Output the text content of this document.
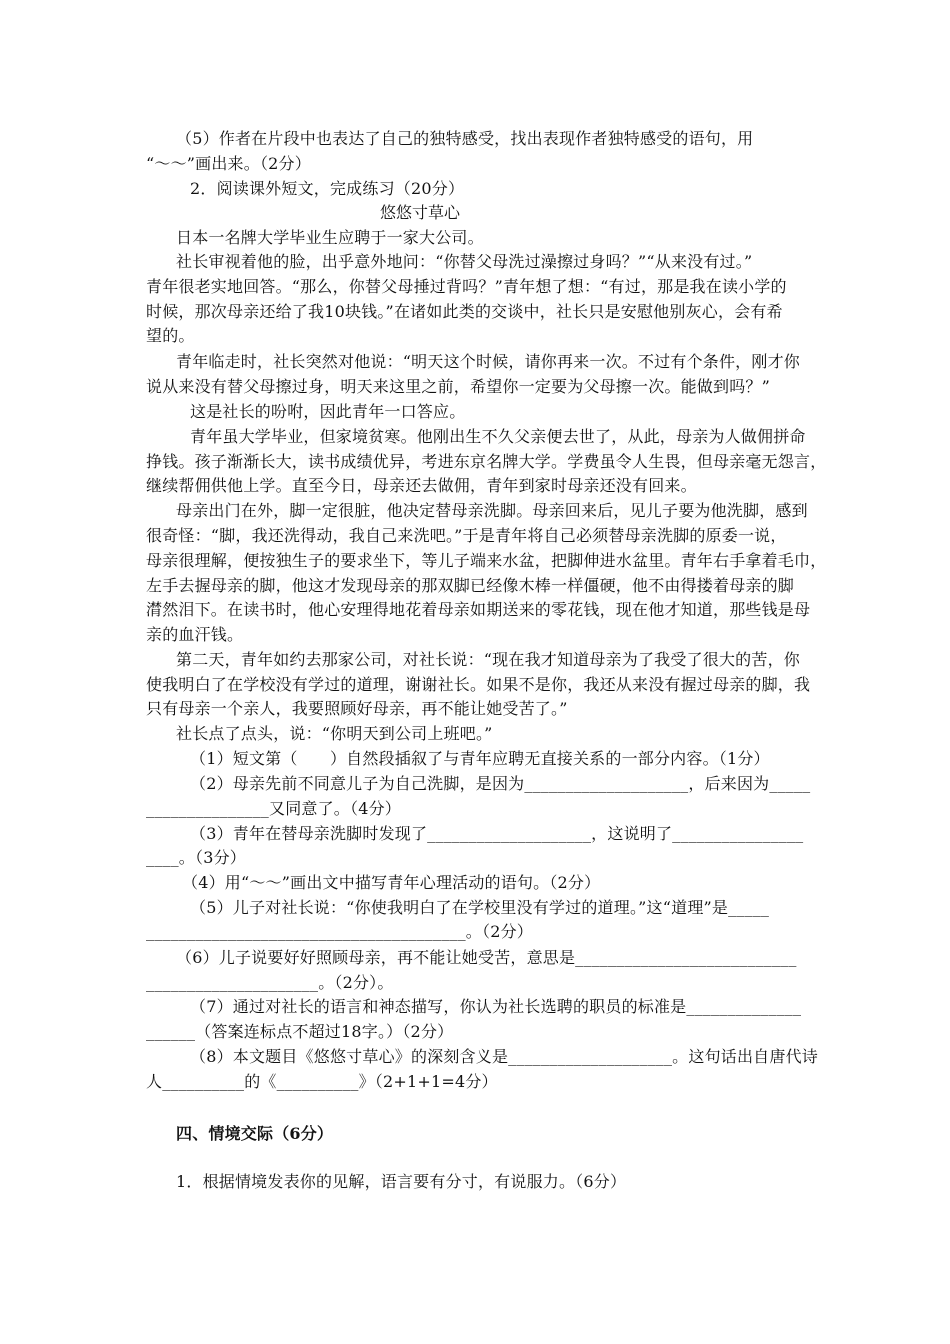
（5）作者在片段中也表达了自己的独特感受，找出表现作者独特感受的语句，用
“～～”画出来。（2分）
2．阅读课外短文，完成练习（20分）
悠悠寸草心
日本一名牌大学毕业生应聘于一家大公司。
社长审视着他的脸，出乎意外地问：“你替父母洗过澡擦过身吗？”“从来没有过。”
青年很老实地回答。“那么，你替父母捶过背吗？”青年想了想：“有过，那是我在读小学的
时候，那次母亲还给了我10块钱。”在诸如此类的交谈中，社长只是安慰他别灰心，会有希
望的。
青年临走时，社长突然对他说：“明天这个时候，请你再来一次。不过有个条件，刚才你
说从来没有替父母擦过身，明天来这里之前，希望你一定要为父母擦一次。能做到吗？”
这是社长的吩咐，因此青年一口答应。
青年虽大学毕业，但家境贫寒。他刚出生不久父亲便去世了，从此，母亲为人做佣拼命
挣钱。孩子渐渐长大，读书成绩优异，考进东京名牌大学。学费虽令人生畏，但母亲毫无怨言，
继续帮佣供他上学。直至今日，母亲还去做佣，青年到家时母亲还没有回来。
母亲出门在外，脚一定很脏，他决定替母亲洗脚。母亲回来后，见儿子要为他洗脚，感到
很奇怪：“脚，我还洗得动，我自己来洗吧。”于是青年将自己必须替母亲洗脚的原委一说，
母亲很理解，便按独生子的要求坐下，等儿子端来水盆，把脚伸进水盆里。青年右手拿着毛巾，
左手去握母亲的脚，他这才发现母亲的那双脚已经像木棒一样僵硬，他不由得搂着母亲的脚
潸然泪下。在读书时，他心安理得地花着母亲如期送来的零花钱，现在他才知道，那些钱是母
亲的血汗钱。
第二天，青年如约去那家公司，对社长说：“现在我才知道母亲为了我受了很大的苦，你
使我明白了在学校没有学过的道理，谢谢社长。如果不是你，我还从来没有握过母亲的脚，我
只有母亲一个亲人，我要照顾好母亲，再不能让她受苦了。”
社长点了点头，说：“你明天到公司上班吧。”
（1）短文第（　　）自然段插叙了与青年应聘无直接关系的一部分内容。（1分）
（2）母亲先前不同意儿子为自己洗脚，是因为____________________，后来因为_____
_______________又同意了。（4分）
（3）青年在替母亲洗脚时发现了____________________，这说明了________________
____。（3分）
（4）用“～～”画出文中描写青年心理活动的语句。（2分）
（5）儿子对社长说：“你使我明白了在学校里没有学过的道理。”这“道理”是_____
_______________________________________。（2分）
（6）儿子说要好好照顾母亲，再不能让她受苦，意思是___________________________
_____________________。（2分）。
（7）通过对社长的语言和神态描写，你认为社长选聘的职员的标准是______________
______（答案连标点不超过18字。）（2分）
（8）本文题目《悠悠寸草心》的深刻含义是____________________。这句话出自唐代诗
人__________的《__________》（2+1+1=4分）
四、情境交际（6分）
1．根据情境发表你的见解，语言要有分寸，有说服力。（6分）
